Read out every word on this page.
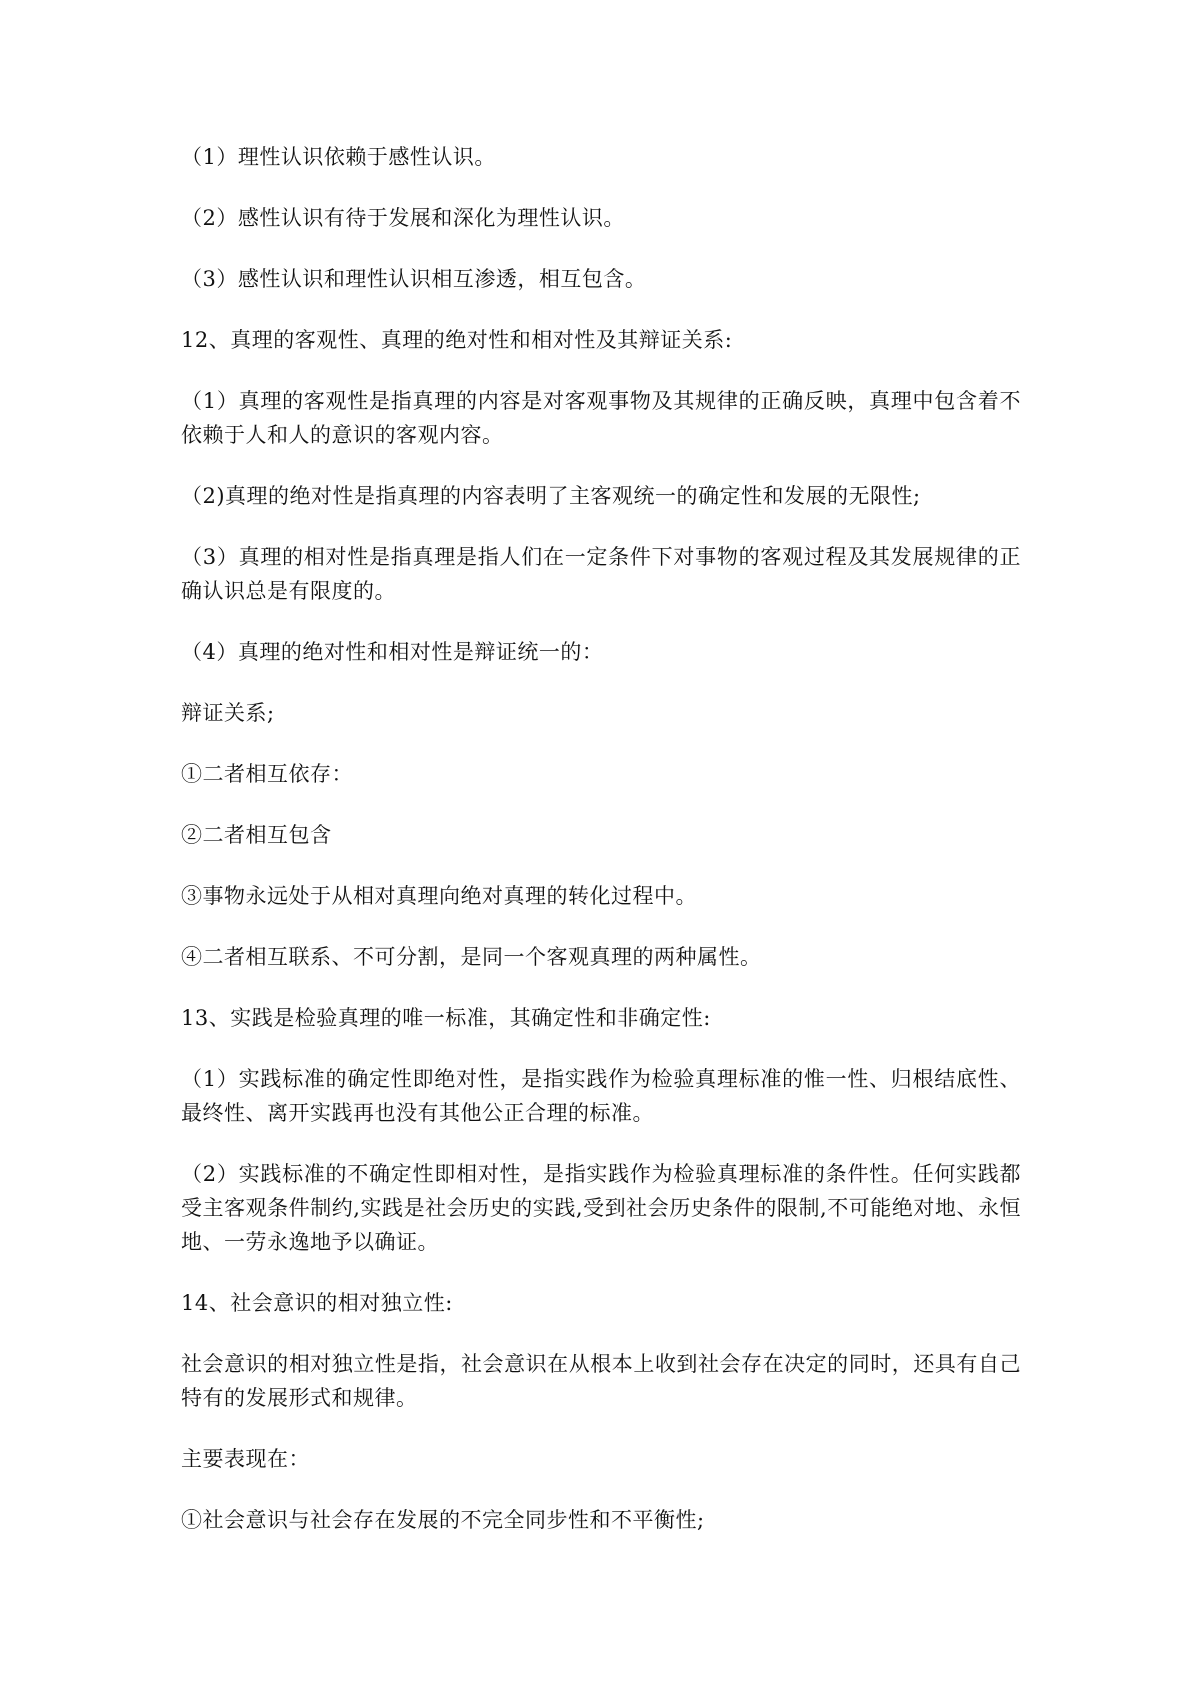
（1）理性认识依赖于感性认识。

（2）感性认识有待于发展和深化为理性认识。

（3）感性认识和理性认识相互渗透，相互包含。

12、真理的客观性、真理的绝对性和相对性及其辩证关系:

（1）真理的客观性是指真理的内容是对客观事物及其规律的正确反映，真理中包含着不依赖于人和人的意识的客观内容。

（2)真理的绝对性是指真理的内容表明了主客观统一的确定性和发展的无限性;

（3）真理的相对性是指真理是指人们在一定条件下对事物的客观过程及其发展规律的正确认识总是有限度的。

（4）真理的绝对性和相对性是辩证统一的：

辩证关系;

①二者相互依存：

②二者相互包含

③事物永远处于从相对真理向绝对真理的转化过程中。

④二者相互联系、不可分割，是同一个客观真理的两种属性。

13、实践是检验真理的唯一标准，其确定性和非确定性:

（1）实践标准的确定性即绝对性，是指实践作为检验真理标准的惟一性、归根结底性、最终性、离开实践再也没有其他公正合理的标准。

（2）实践标准的不确定性即相对性，是指实践作为检验真理标准的条件性。任何实践都受主客观条件制约,实践是社会历史的实践,受到社会历史条件的限制,不可能绝对地、永恒地、一劳永逸地予以确证。

14、社会意识的相对独立性:

社会意识的相对独立性是指，社会意识在从根本上收到社会存在决定的同时，还具有自己特有的发展形式和规律。

主要表现在：

①社会意识与社会存在发展的不完全同步性和不平衡性;
